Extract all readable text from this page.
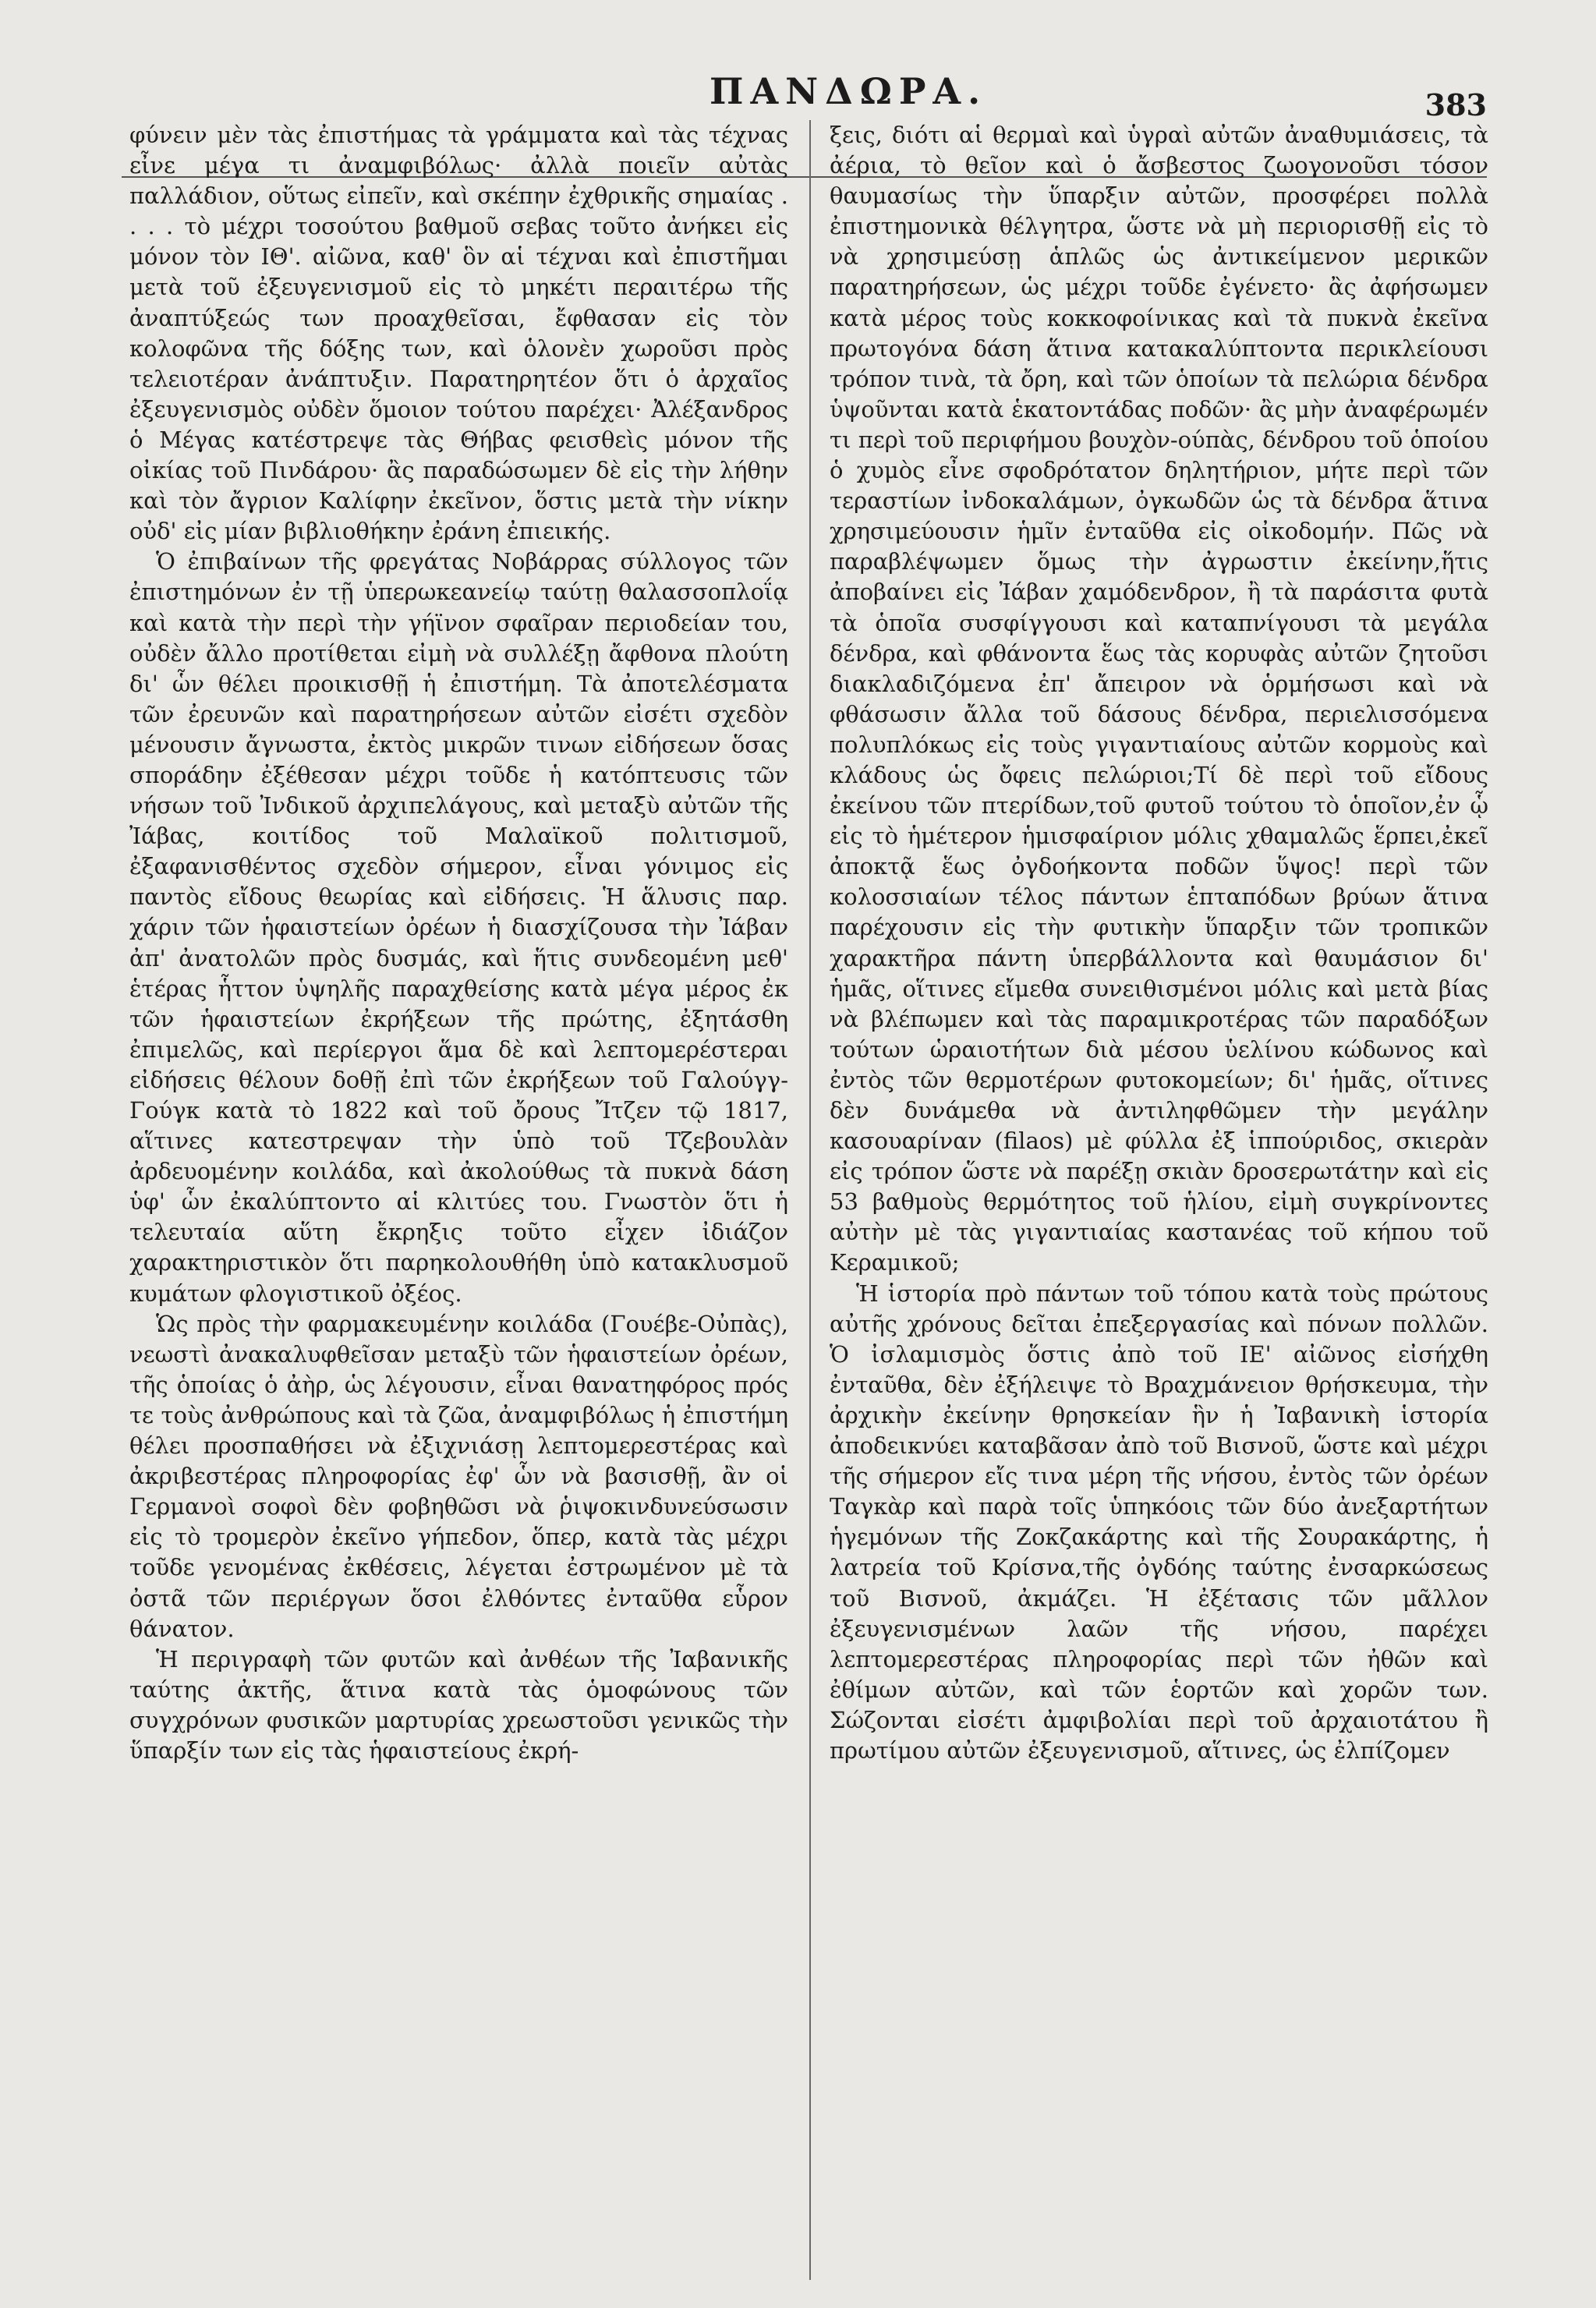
ΠΑΝΔΩΡΑ.	383

φύνειν μὲν τὰς ἐπιστήμας τὰ γράμματα καὶ τὰς τέχνας εἶνε μέγα τι ἀναμφιβόλως· ἀλλὰ ποιεῖν αὐτὰς παλλάδιον, οὕτως εἰπεῖν, καὶ σκέπην ἐχθρικῆς σημαίας . . . . τὸ μέχρι τοσούτου βαθμοῦ σεβας τοῦτο ἀνήκει εἰς μόνον τὸν ΙΘ'. αἰῶνα, καθ' ὃν αἱ τέχναι καὶ ἐπιστῆμαι μετὰ τοῦ ἐξευγενισμοῦ εἰς τὸ μηκέτι περαιτέρω τῆς ἀναπτύξεώς των προαχθεῖσαι, ἔφθασαν εἰς τὸν κολοφῶνα τῆς δόξης των, καὶ ὁλονὲν χωροῦσι πρὸς τελειοτέραν ἀνάπτυξιν. Παρατηρητέον ὅτι ὁ ἀρχαῖος ἐξευγενισμὸς οὐδὲν ὅμοιον τούτου παρέχει· Ἀλέξανδρος ὁ Μέγας κατέστρεψε τὰς Θήβας φεισθεὶς μόνον τῆς οἰκίας τοῦ Πινδάρου· ἂς παραδώσωμεν δὲ εἰς τὴν λήθην καὶ τὸν ἄγριον Καλίφην ἐκεῖνον, ὅστις μετὰ τὴν νίκην οὐδ' εἰς μίαν βιβλιοθήκην ἐράνη ἐπιεικής.

Ὁ ἐπιβαίνων τῆς φρεγάτας Νοβάρρας σύλλογος τῶν ἐπιστημόνων ἐν τῇ ὑπερωκεανείῳ ταύτῃ θαλασσοπλοΐᾳ καὶ κατὰ τὴν περὶ τὴν γήϊνον σφαῖραν περιοδείαν του, οὐδὲν ἄλλο προτίθεται εἰμὴ νὰ συλλέξῃ ἄφθονα πλούτη δι' ὧν θέλει προικισθῇ ἡ ἐπιστήμη. Τὰ ἀποτελέσματα τῶν ἐρευνῶν καὶ παρατηρήσεων αὐτῶν εἰσέτι σχεδὸν μένουσιν ἄγνωστα, ἐκτὸς μικρῶν τινων εἰδήσεων ὅσας σποράδην ἐξέθεσαν μέχρι τοῦδε ἡ κατόπτευσις τῶν νήσων τοῦ Ἰνδικοῦ ἀρχιπελάγους, καὶ μεταξὺ αὐτῶν τῆς Ἰάβας, κοιτίδος τοῦ Μαλαϊκοῦ πολιτισμοῦ, ἐξαφανισθέντος σχεδὸν σήμερον, εἶναι γόνιμος εἰς παντὸς εἴδους θεωρίας καὶ εἰδήσεις. Ἡ ἅλυσις παρ. χάριν τῶν ἡφαιστείων ὀρέων ἡ διασχίζουσα τὴν Ἰάβαν ἀπ' ἀνατολῶν πρὸς δυσμάς, καὶ ἥτις συνδεομένη μεθ' ἑτέρας ἧττον ὑψηλῆς παραχθείσης κατὰ μέγα μέρος ἐκ τῶν ἡφαιστείων ἐκρήξεων τῆς πρώτης, ἐξητάσθη ἐπιμελῶς, καὶ περίεργοι ἅμα δὲ καὶ λεπτομερέστεραι εἰδήσεις θέλουν δοθῇ ἐπὶ τῶν ἐκρήξεων τοῦ Γαλούγγ-Γούγκ κατὰ τὸ 1822 καὶ τοῦ ὄρους Ἴτζεν τῷ 1817, αἵτινες κατεστρεψαν τὴν ὑπὸ τοῦ Τζεβουλὰν ἀρδευομένην κοιλάδα, καὶ ἀκολούθως τὰ πυκνὰ δάση ὑφ' ὧν ἐκαλύπτοντο αἱ κλιτύες του. Γνωστὸν ὅτι ἡ τελευταία αὕτη ἔκρηξις τοῦτο εἶχεν ἰδιάζον χαρακτηριστικὸν ὅτι παρηκολουθήθη ὑπὸ κατακλυσμοῦ κυμάτων φλογιστικοῦ ὀξέος.

Ὡς πρὸς τὴν φαρμακευμένην κοιλάδα (Γουέβε-Οὐπὰς), νεωστὶ ἀνακαλυφθεῖσαν μεταξὺ τῶν ἡφαιστείων ὀρέων, τῆς ὁποίας ὁ ἀὴρ, ὡς λέγουσιν, εἶναι θανατηφόρος πρός τε τοὺς ἀνθρώπους καὶ τὰ ζῶα, ἀναμφιβόλως ἡ ἐπιστήμη θέλει προσπαθήσει νὰ ἐξιχνιάσῃ λεπτομερεστέρας καὶ ἀκριβεστέρας πληροφορίας ἐφ' ὧν νὰ βασισθῇ, ἂν οἱ Γερμανοὶ σοφοὶ δὲν φοβηθῶσι νὰ ῥιψοκινδυνεύσωσιν εἰς τὸ τρομερὸν ἐκεῖνο γήπεδον, ὅπερ, κατὰ τὰς μέχρι τοῦδε γενομένας ἐκθέσεις, λέγεται ἐστρωμένον μὲ τὰ ὀστᾶ τῶν περιέργων ὅσοι ἐλθόντες ἐνταῦθα εὗρον θάνατον.

Ἡ περιγραφὴ τῶν φυτῶν καὶ ἀνθέων τῆς Ἰαβανικῆς ταύτης ἀκτῆς, ἅτινα κατὰ τὰς ὁμοφώνους τῶν συγχρόνων φυσικῶν μαρτυρίας χρεωστοῦσι γενικῶς τὴν ὕπαρξίν των εἰς τὰς ἡφαιστείους ἐκρή-

ξεις, διότι αἱ θερμαὶ καὶ ὑγραὶ αὐτῶν ἀναθυμιάσεις, τὰ ἀέρια, τὸ θεῖον καὶ ὁ ἄσβεστος ζωογονοῦσι τόσον θαυμασίως τὴν ὕπαρξιν αὐτῶν, προσφέρει πολλὰ ἐπιστημονικὰ θέλγητρα, ὥστε νὰ μὴ περιορισθῇ εἰς τὸ νὰ χρησιμεύσῃ ἁπλῶς ὡς ἀντικείμενον μερικῶν παρατηρήσεων, ὡς μέχρι τοῦδε ἐγένετο· ἂς ἀφήσωμεν κατὰ μέρος τοὺς κοκκοφοίνικας καὶ τὰ πυκνὰ ἐκεῖνα πρωτογόνα δάση ἅτινα κατακαλύπτοντα περικλείουσι τρόπον τινὰ, τὰ ὄρη, καὶ τῶν ὁποίων τὰ πελώρια δένδρα ὑψοῦνται κατὰ ἑκατοντάδας ποδῶν· ἂς μὴν ἀναφέρωμέν τι περὶ τοῦ περιφήμου βουχὸν-ούπὰς, δένδρου τοῦ ὁποίου ὁ χυμὸς εἶνε σφοδρότατον δηλητήριον, μήτε περὶ τῶν τεραστίων ἰνδοκαλάμων, ὀγκωδῶν ὡς τὰ δένδρα ἅτινα χρησιμεύουσιν ἡμῖν ἐνταῦθα εἰς οἰκοδομήν. Πῶς νὰ παραβλέψωμεν ὅμως τὴν ἀγρωστιν ἐκείνην,ἥτις ἀποβαίνει εἰς Ἰάβαν χαμόδενδρον, ἢ τὰ παράσιτα φυτὰ τὰ ὁποῖα συσφίγγουσι καὶ καταπνίγουσι τὰ μεγάλα δένδρα, καὶ φθάνοντα ἕως τὰς κορυφὰς αὐτῶν ζητοῦσι διακλαδιζόμενα ἐπ' ἄπειρον νὰ ὁρμήσωσι καὶ νὰ φθάσωσιν ἄλλα τοῦ δάσους δένδρα, περιελισσόμενα πολυπλόκως εἰς τοὺς γιγαντιαίους αὐτῶν κορμοὺς καὶ κλάδους ὡς ὄφεις πελώριοι;Τί δὲ περὶ τοῦ εἴδους ἐκείνου τῶν πτερίδων,τοῦ φυτοῦ τούτου τὸ ὁποῖον,ἐν ᾧ εἰς τὸ ἡμέτερον ἡμισφαίριον μόλις χθαμαλῶς ἕρπει,ἐκεῖ ἀποκτᾷ ἕως ὀγδοήκοντα ποδῶν ὕψος! περὶ τῶν κολοσσιαίων τέλος πάντων ἑπταπόδων βρύων ἅτινα παρέχουσιν εἰς τὴν φυτικὴν ὕπαρξιν τῶν τροπικῶν χαρακτῆρα πάντη ὑπερβάλλοντα καὶ θαυμάσιον δι' ἡμᾶς, οἵτινες εἴμεθα συνειθισμένοι μόλις καὶ μετὰ βίας νὰ βλέπωμεν καὶ τὰς παραμικροτέρας τῶν παραδόξων τούτων ὡραιοτήτων διὰ μέσου ὑελίνου κώδωνος καὶ ἐντὸς τῶν θερμοτέρων φυτοκομείων; δι' ἡμᾶς, οἵτινες δὲν δυνάμεθα νὰ ἀντιληφθῶμεν τὴν μεγάλην κασουαρίναν (filaos) μὲ φύλλα ἐξ ἱππούριδος, σκιερὰν εἰς τρόπον ὥστε νὰ παρέξῃ σκιὰν δροσερωτάτην καὶ εἰς 53 βαθμοὺς θερμότητος τοῦ ἡλίου, εἰμὴ συγκρίνοντες αὐτὴν μὲ τὰς γιγαντιαίας καστανέας τοῦ κήπου τοῦ Κεραμικοῦ;

Ἡ ἱστορία πρὸ πάντων τοῦ τόπου κατὰ τοὺς πρώτους αὐτῆς χρόνους δεῖται ἐπεξεργασίας καὶ πόνων πολλῶν. Ὁ ἰσλαμισμὸς ὅστις ἀπὸ τοῦ ΙΕ' αἰῶνος εἰσήχθη ἐνταῦθα, δὲν ἐξήλειψε τὸ Βραχμάνειον θρήσκευμα, τὴν ἀρχικὴν ἐκείνην θρησκείαν ἣν ἡ Ἰαβανικὴ ἱστορία ἀποδεικνύει καταβᾶσαν ἀπὸ τοῦ Βισνοῦ, ὥστε καὶ μέχρι τῆς σήμερον εἴς τινα μέρη τῆς νήσου, ἐντὸς τῶν ὀρέων Ταγκὰρ καὶ παρὰ τοῖς ὑπηκόοις τῶν δύο ἀνεξαρτήτων ἡγεμόνων τῆς Ζοκζακάρτης καὶ τῆς Σουρακάρτης, ἡ λατρεία τοῦ Κρίσνα,τῆς ὀγδόης ταύτης ἐνσαρκώσεως τοῦ Βισνοῦ, ἀκμάζει. Ἡ ἐξέτασις τῶν μᾶλλον ἐξευγενισμένων λαῶν τῆς νήσου, παρέχει λεπτομερεστέρας πληροφορίας περὶ τῶν ἠθῶν καὶ ἐθίμων αὐτῶν, καὶ τῶν ἑορτῶν καὶ χορῶν των. Σώζονται εἰσέτι ἀμφιβολίαι περὶ τοῦ ἀρχαιοτάτου ἢ πρωτίμου αὐτῶν ἐξευγενισμοῦ, αἵτινες, ὡς ἐλπίζομεν
